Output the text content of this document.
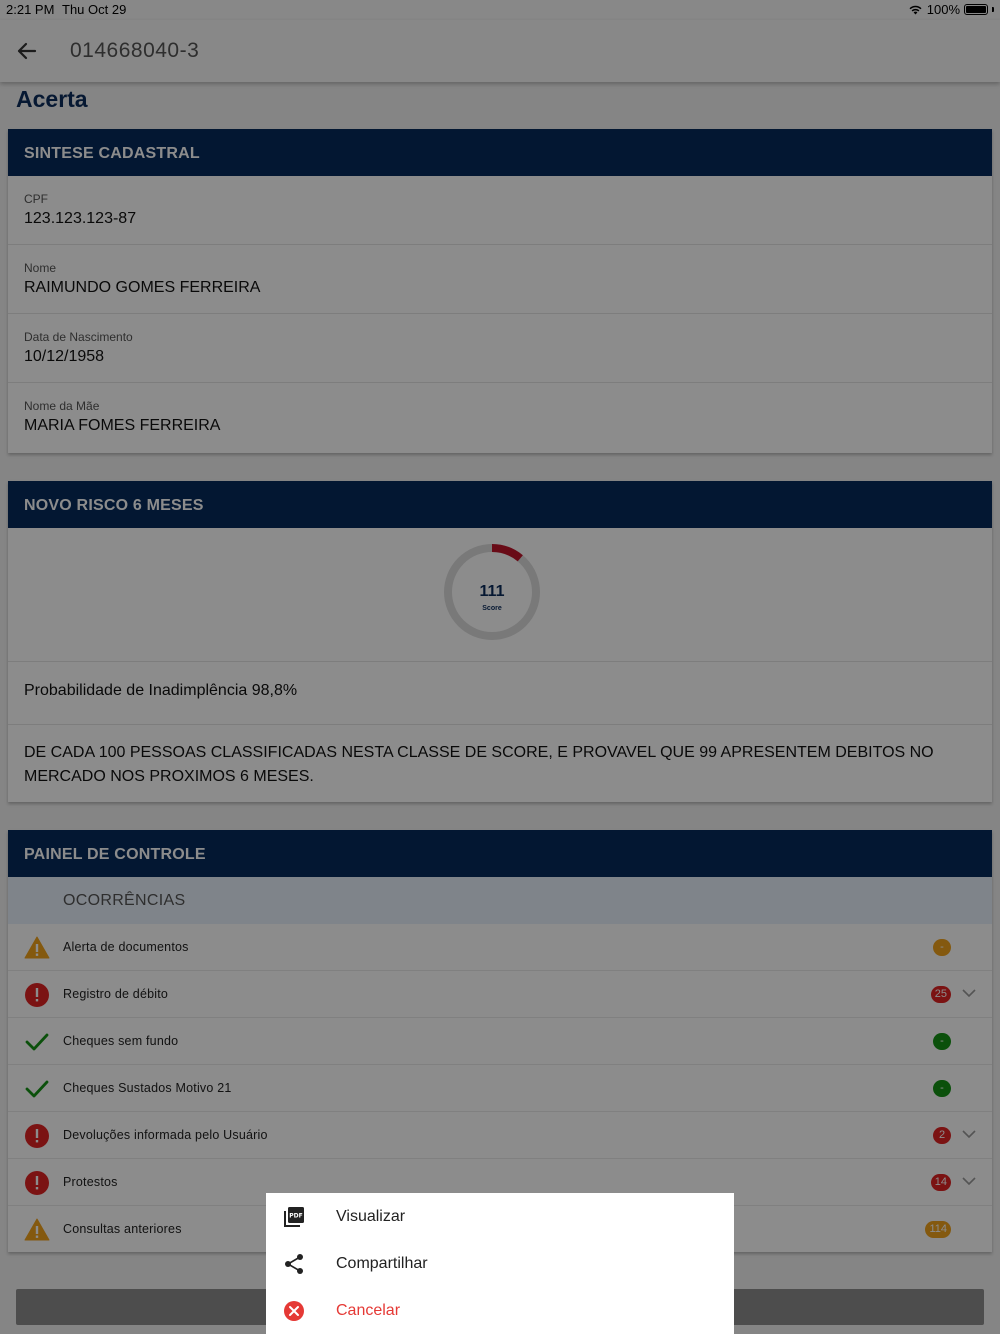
2:21 PM Thu Oct 29	100%
014668040-3
Acerta
SINTESE CADASTRAL
CPF
123.123.123-87
Nome
RAIMUNDO GOMES FERREIRA
Data de Nascimento
10/12/1958
Nome da Mãe
MARIA FOMES FERREIRA
NOVO RISCO 6 MESES
111
Score
Probabilidade de Inadimplência 98,8%
DE CADA 100 PESSOAS CLASSIFICADAS NESTA CLASSE DE SCORE, E PROVAVEL QUE 99 APRESENTEM DEBITOS NO MERCADO NOS PROXIMOS 6 MESES.
PAINEL DE CONTROLE
OCORRÊNCIAS
Alerta de documentos	-
Registro de débito	25
Cheques sem fundo	-
Cheques Sustados Motivo 21	-
Devoluções informada pelo Usuário	2
Protestos	14
Consultas anteriores	114
PDF Visualizar
Compartilhar
Cancelar
